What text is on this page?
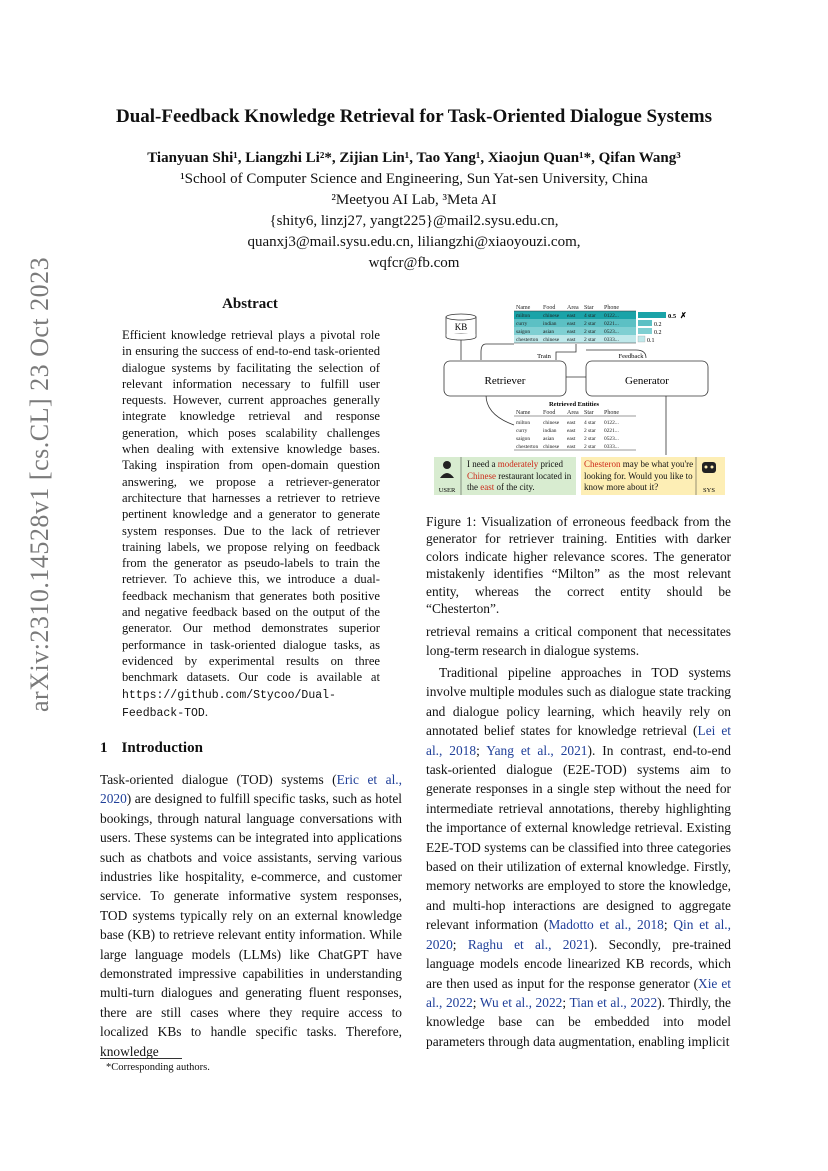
arXiv:2310.14528v1 [cs.CL] 23 Oct 2023
Dual-Feedback Knowledge Retrieval for Task-Oriented Dialogue Systems
Tianyuan Shi¹, Liangzhi Li²*, Zijian Lin¹, Tao Yang¹, Xiaojun Quan¹*, Qifan Wang³
¹School of Computer Science and Engineering, Sun Yat-sen University, China
²Meetyou AI Lab, ³Meta AI
{shity6, linzj27, yangt225}@mail2.sysu.edu.cn,
quanxj3@mail.sysu.edu.cn, liliangzhi@xiaoyouzi.com,
wqfcr@fb.com
Abstract
Efficient knowledge retrieval plays a pivotal role in ensuring the success of end-to-end task-oriented dialogue systems by facilitating the selection of relevant information necessary to fulfill user requests. However, current approaches generally integrate knowledge retrieval and response generation, which poses scalability challenges when dealing with extensive knowledge bases. Taking inspiration from open-domain question answering, we propose a retriever-generator architecture that harnesses a retriever to retrieve pertinent knowledge and a generator to generate system responses. Due to the lack of retriever training labels, we propose relying on feedback from the generator as pseudo-labels to train the retriever. To achieve this, we introduce a dual-feedback mechanism that generates both positive and negative feedback based on the output of the generator. Our method demonstrates superior performance in task-oriented dialogue tasks, as evidenced by experimental results on three benchmark datasets. Our code is available at https://github.com/Stycoo/Dual-Feedback-TOD.
Name Food Area Star Phone
milton chinese east 4 star 0122...
curry	indian east 2 star 0221...
saigon asian east 2 star 0523...
chesterton chinese east 2 star 0333...
0.5 ✗
0.2
0.2
0.1
KB
Train	Feedback
Retriever	Generator
Retrieved Entities
Name Food Area Star Phone
milton chinese east 4 star 0122...
curry	indian east 2 star 0221...
saigon asian east 2 star 0523...
chesterton chinese east 2 star 0333...
USER	SYS
I need a moderately priced Chinese restaurant located in the east of the city.
Chesteron may be what you're looking for. Would you like to know more about it?
Figure 1: Visualization of erroneous feedback from the generator for retriever training. Entities with darker colors indicate higher relevance scores. The generator mistakenly identifies “Milton” as the most relevant entity, whereas the correct entity should be “Chesterton”.
retrieval remains a critical component that necessitates long-term research in dialogue systems.
Traditional pipeline approaches in TOD systems involve multiple modules such as dialogue state tracking and dialogue policy learning, which heavily rely on annotated belief states for knowledge retrieval (Lei et al., 2018; Yang et al., 2021). In contrast, end-to-end task-oriented dialogue (E2E-TOD) systems aim to generate responses in a single step without the need for intermediate retrieval annotations, thereby highlighting the importance of external knowledge retrieval. Existing E2E-TOD systems can be classified into three categories based on their utilization of external knowledge. Firstly, memory networks are employed to store the knowledge, and multi-hop interactions are designed to aggregate relevant information (Madotto et al., 2018; Qin et al., 2020; Raghu et al., 2021). Secondly, pre-trained language models encode linearized KB records, which are then used as input for the response generator (Xie et al., 2022; Wu et al., 2022; Tian et al., 2022). Thirdly, the knowledge base can be embedded into model parameters through data augmentation, enabling implicit
1 Introduction
Task-oriented dialogue (TOD) systems (Eric et al., 2020) are designed to fulfill specific tasks, such as hotel bookings, through natural language conversations with users. These systems can be integrated into applications such as chatbots and voice assistants, serving various industries like hospitality, e-commerce, and customer service. To generate informative system responses, TOD systems typically rely on an external knowledge base (KB) to retrieve relevant entity information. While large language models (LLMs) like ChatGPT have demonstrated impressive capabilities in understanding multi-turn dialogues and generating fluent responses, there are still cases where they require access to localized KBs to handle specific tasks. Therefore, knowledge
*Corresponding authors.
